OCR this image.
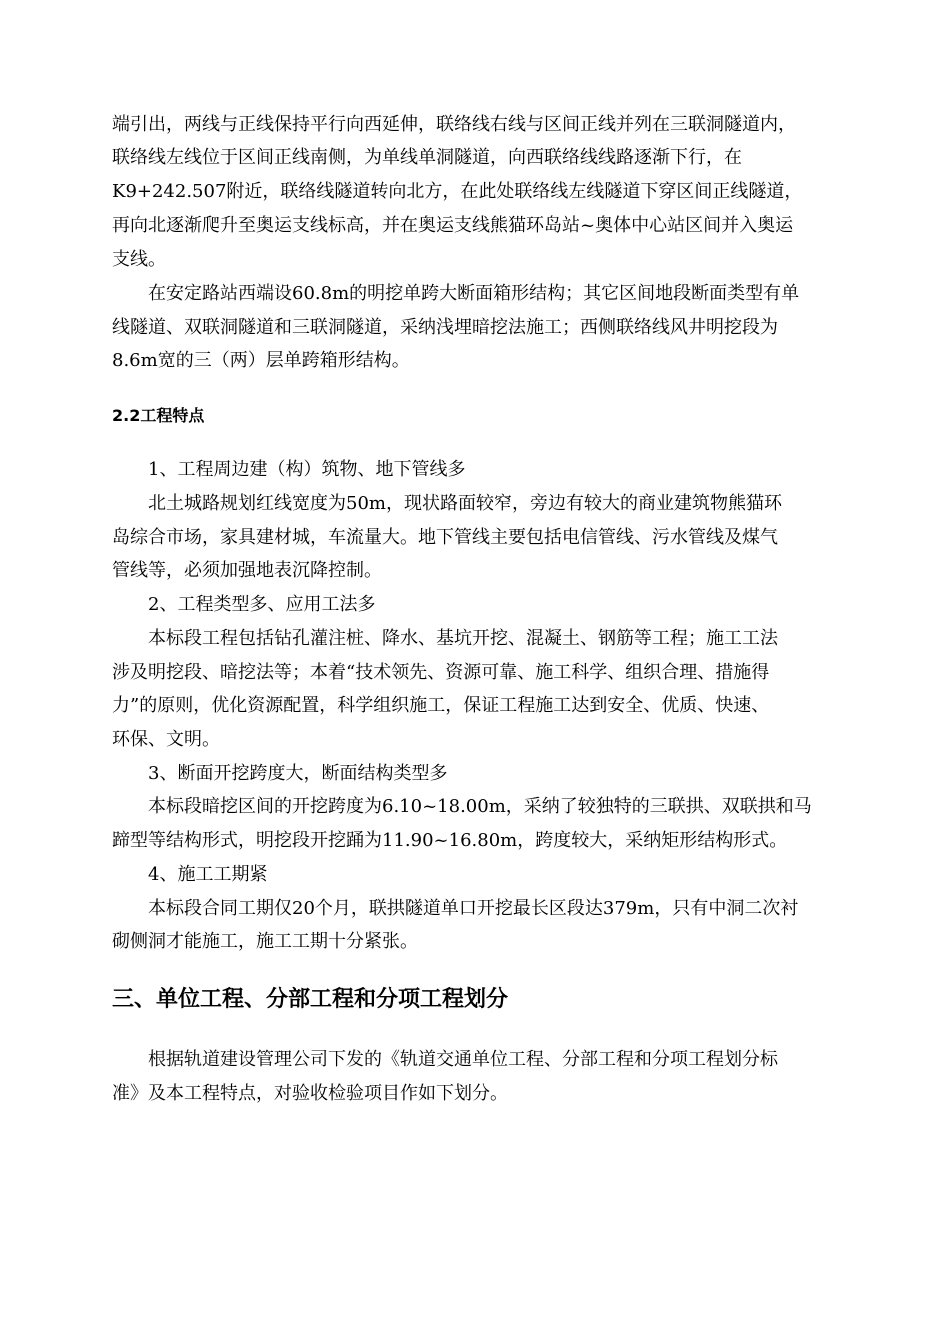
端引出，两线与正线保持平行向西延伸，联络线右线与区间正线并列在三联洞隧道内，
联络线左线位于区间正线南侧，为单线单洞隧道，向西联络线线路逐渐下行，在
K9+242.507附近，联络线隧道转向北方，在此处联络线左线隧道下穿区间正线隧道，
再向北逐渐爬升至奥运支线标高，并在奥运支线熊猫环岛站~奥体中心站区间并入奥运
支线。
在安定路站西端设60.8m的明挖单跨大断面箱形结构；其它区间地段断面类型有单
线隧道、双联洞隧道和三联洞隧道，采纳浅埋暗挖法施工；西侧联络线风井明挖段为
8.6m宽的三（两）层单跨箱形结构。
2.2工程特点
1、工程周边建（构）筑物、地下管线多
北土城路规划红线宽度为50m，现状路面较窄，旁边有较大的商业建筑物熊猫环
岛综合市场，家具建材城，车流量大。地下管线主要包括电信管线、污水管线及煤气
管线等，必须加强地表沉降控制。
2、工程类型多、应用工法多
本标段工程包括钻孔灌注桩、降水、基坑开挖、混凝土、钢筋等工程；施工工法
涉及明挖段、暗挖法等；本着“技术领先、资源可靠、施工科学、组织合理、措施得
力”的原则，优化资源配置，科学组织施工，保证工程施工达到安全、优质、快速、
环保、文明。
3、断面开挖跨度大，断面结构类型多
本标段暗挖区间的开挖跨度为6.10~18.00m，采纳了较独特的三联拱、双联拱和马
蹄型等结构形式，明挖段开挖踊为11.90~16.80m，跨度较大，采纳矩形结构形式。
4、施工工期紧
本标段合同工期仅20个月，联拱隧道单口开挖最长区段达379m，只有中洞二次衬
砌侧洞才能施工，施工工期十分紧张。
三、单位工程、分部工程和分项工程划分
根据轨道建设管理公司下发的《轨道交通单位工程、分部工程和分项工程划分标
准》及本工程特点，对验收检验项目作如下划分。
